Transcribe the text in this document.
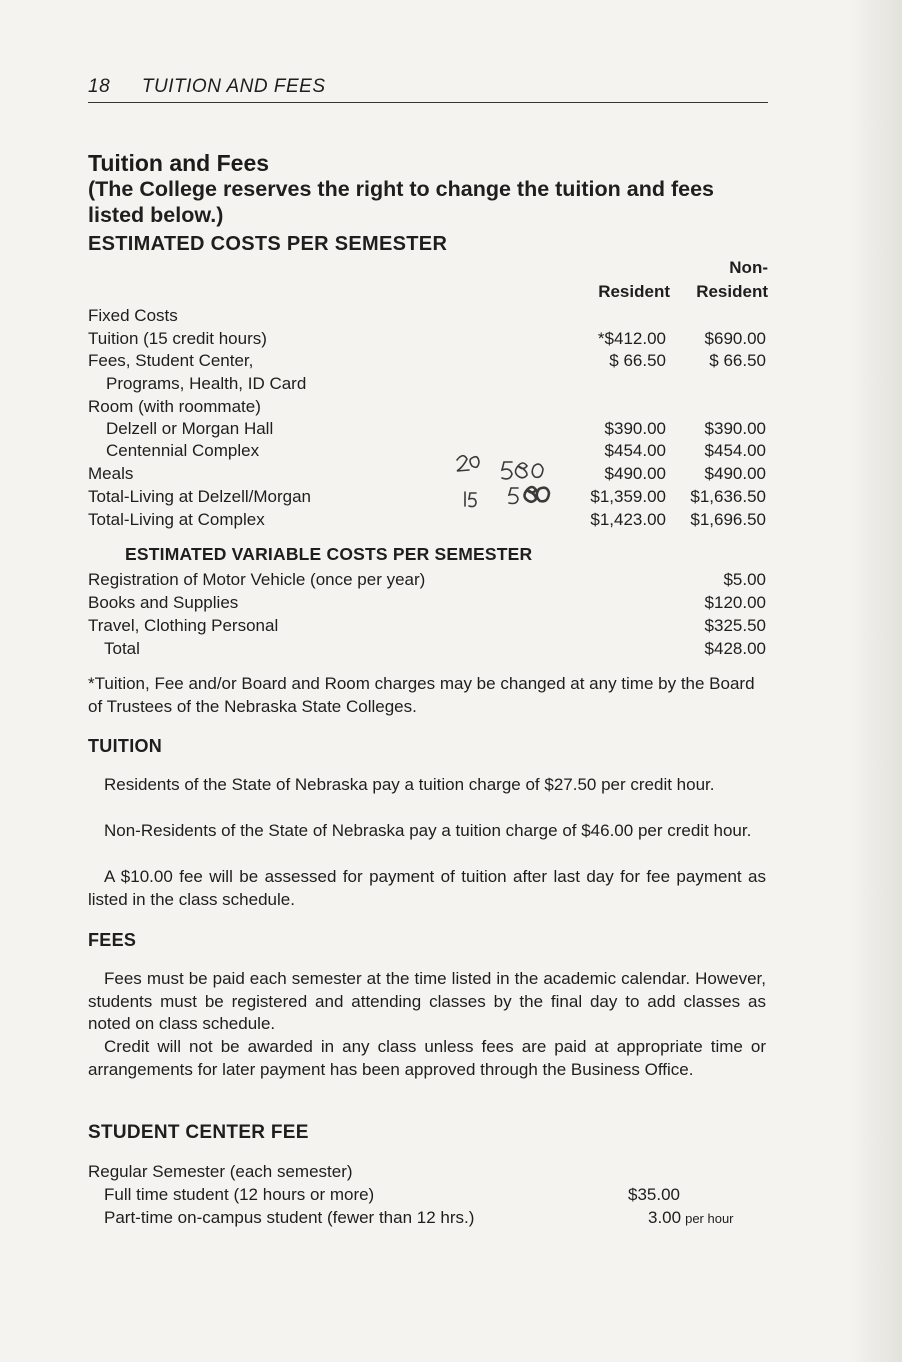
18 TUITION AND FEES
Tuition and Fees
(The College reserves the right to change the tuition and fees listed below.)
ESTIMATED COSTS PER SEMESTER
Non-
Resident Resident
Fixed Costs
Tuition (15 credit hours)	*$412.00 $690.00
Fees, Student Center,	$ 66.50	$ 66.50
Programs, Health, ID Card
Room (with roommate)
Delzell or Morgan Hall	$390.00 $390.00
Centennial Complex	$454.00 $454.00
Meals	$490.00 $490.00
Total-Living at Delzell/Morgan	$1,359.00 $1,636.50
Total-Living at Complex	$1,423.00 $1,696.50
ESTIMATED VARIABLE COSTS PER SEMESTER
Registration of Motor Vehicle (once per year)	$5.00
Books and Supplies	$120.00
Travel, Clothing Personal	$325.50
Total	$428.00
*Tuition, Fee and/or Board and Room charges may be changed at any time by the Board of Trustees of the Nebraska State Colleges.
TUITION
Residents of the State of Nebraska pay a tuition charge of $27.50 per credit hour.
Non-Residents of the State of Nebraska pay a tuition charge of $46.00 per credit hour.
A $10.00 fee will be assessed for payment of tuition after last day for fee payment as listed in the class schedule.
FEES
Fees must be paid each semester at the time listed in the academic calendar. However, students must be registered and attending classes by the final day to add classes as noted on class schedule.
Credit will not be awarded in any class unless fees are paid at appropriate time or arrangements for later payment has been approved through the Business Office.
STUDENT CENTER FEE
Regular Semester (each semester)
Full time student (12 hours or more)	$35.00
Part-time on-campus student (fewer than 12 hrs.)	3.00 per hour
